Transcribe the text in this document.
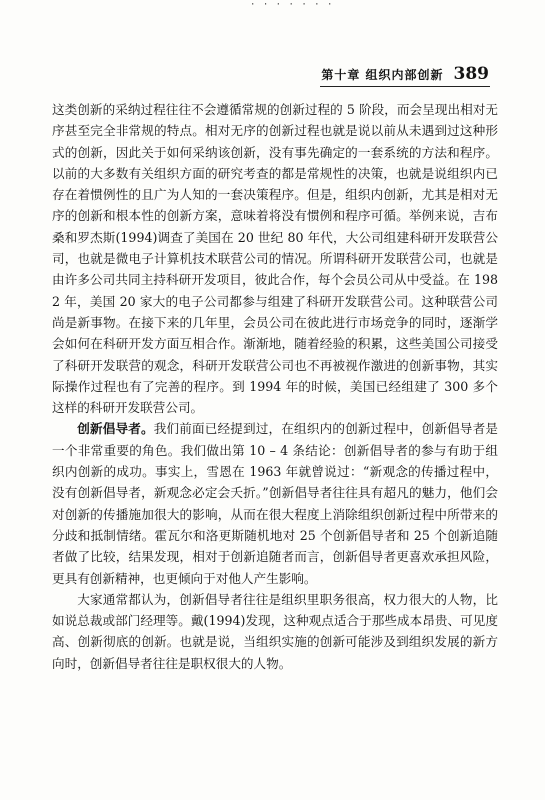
· · · · · · ·
第十章 组织内部创新 389

这类创新的采纳过程往往不会遵循常规的创新过程的 5 阶段，而会呈现出相对无序甚至完全非常规的特点。相对无序的创新过程也就是说以前从未遇到过这种形式的创新，因此关于如何采纳该创新，没有事先确定的一套系统的方法和程序。以前的大多数有关组织方面的研究考查的都是常规性的决策，也就是说组织内已存在着惯例性的且广为人知的一套决策程序。但是，组织内创新，尤其是相对无序的创新和根本性的创新方案，意味着将没有惯例和程序可循。举例来说，吉布桑和罗杰斯(1994)调查了美国在 20 世纪 80 年代，大公司组建科研开发联营公司，也就是微电子计算机技术联营公司的情况。所谓科研开发联营公司，也就是由许多公司共同主持科研开发项目，彼此合作，每个会员公司从中受益。在 1982 年，美国 20 家大的电子公司都参与组建了科研开发联营公司。这种联营公司尚是新事物。在接下来的几年里，会员公司在彼此进行市场竞争的同时，逐渐学会如何在科研开发方面互相合作。渐渐地，随着经验的积累，这些美国公司接受了科研开发联营的观念，科研开发联营公司也不再被视作激进的创新事物，其实际操作过程也有了完善的程序。到 1994 年的时候，美国已经组建了 300 多个这样的科研开发联营公司。

创新倡导者。我们前面已经提到过，在组织内的创新过程中，创新倡导者是一个非常重要的角色。我们做出第 10 – 4 条结论：创新倡导者的参与有助于组织内创新的成功。事实上，雪恩在 1963 年就曾说过：“新观念的传播过程中，没有创新倡导者，新观念必定会夭折。”创新倡导者往往具有超凡的魅力，他们会对创新的传播施加很大的影响，从而在很大程度上消除组织创新过程中所带来的分歧和抵制情绪。霍瓦尔和洛更斯随机地对 25 个创新倡导者和 25 个创新追随者做了比较，结果发现，相对于创新追随者而言，创新倡导者更喜欢承担风险，更具有创新精神，也更倾向于对他人产生影响。

大家通常都认为，创新倡导者往往是组织里职务很高，权力很大的人物，比如说总裁或部门经理等。戴(1994)发现，这种观点适合于那些成本昂贵、可见度高、创新彻底的创新。也就是说，当组织实施的创新可能涉及到组织发展的新方向时，创新倡导者往往是职权很大的人物。
